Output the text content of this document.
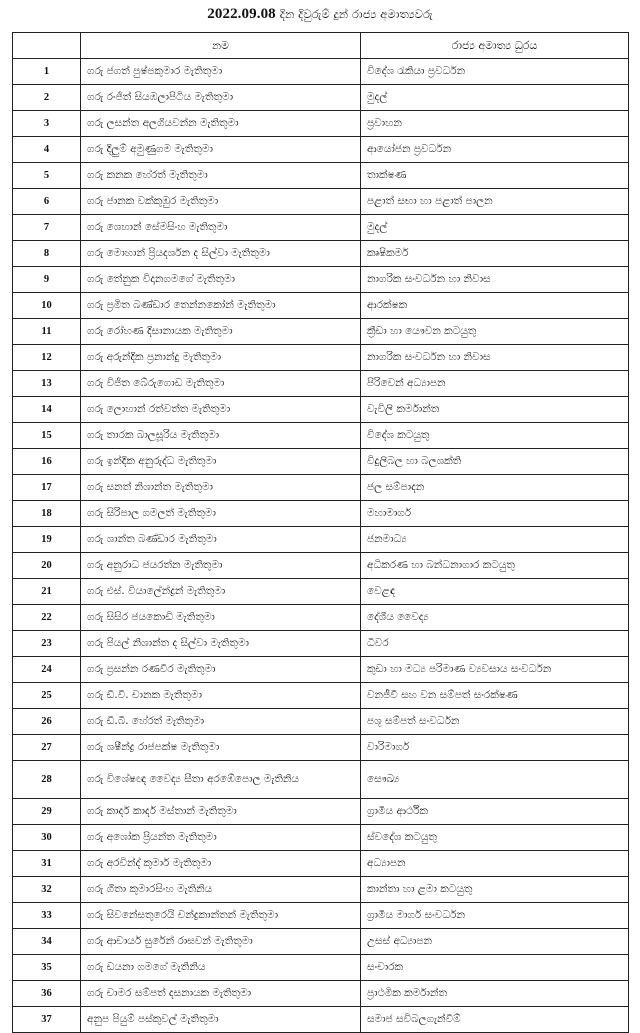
2022.09.08 දින දිවුරුම් දුන් රාජ්‍ය අමාත්‍යවරු
	නම	රාජ්‍ය අමාත්‍ය ධුරය
1	ගරු ජගත් පුෂ්පකුමාර මැතිතුමා	විදේශ රැකියා ප්‍රවර්ධන
2	ගරු රංජිත් සියඹලාපිටිය මැතිතුමා	මුදල්
3	ගරු ලසන්ත අලගියවන්න මැතිතුමා	ප්‍රවාහන
4	ගරු දිලුම් අමුණුගම මැතිතුමා	ආයෝජන ප්‍රවර්ධන
5	ගරු කනක හේරත් මැතිතුමා	තාක්ෂණ
6	ගරු ජානක වක්කුඹුර මැතිතුමා	පළාත් සභා හා පළාත් පාලන
7	ගරු ශෙහාන් සේමසිංහ මැතිතුමා	මුදල්
8	ගරු මොහාන් ප්‍රියදර්ශන ද සිල්වා මැතිතුමා	කෘෂිකර්ම
9	ගරු තේනුක විදානගමගේ මැතිතුමා	නාගරික සංවර්ධන හා නිවාස
10	ගරු ප්‍රමිත බණ්ඩාර තෙන්නකෝන් මැතිතුමා	ආරක්ෂක
11	ගරු රෝහණ දිසානායක මැතිතුමා	ක්‍රීඩා හා යෞවන කටයුතු
12	ගරු අරුන්දික ප්‍රනාන්දු මැතිතුමා	නාගරික සංවර්ධන හා නිවාස
13	ගරු විජිත බේරුගොඩ මැතිතුමා	පිරිවෙන් අධ්‍යාපන
14	ගරු ලොහාන් රත්වත්ත මැතිතුමා	වැවිලි කර්මාන්ත
15	ගරු තාරක බාලසූරිය මැතිතුමා	විදේශ කටයුතු
16	ගරු ඉන්දික අනුරුද්ධ මැතිතුමා	විදුලිබල හා බලශක්ති
17	ගරු සනත් නිශාන්ත මැතිතුමා	ජල සම්පාදන
18	ගරු සිරිපාල ගමලත් මැතිතුමා	මහාමාර්ග
19	ගරු ශාන්ත බණ්ඩාර මැතිතුමා	ජනමාධ්‍ය
20	ගරු අනුරාධ ජයරත්න මැතිතුමා	අධිකරණ හා බන්ධනාගාර කටයුතු
21	ගරු එස්. වියාලේන්ද්‍රන් මැතිතුමා	වෙළඳ
22	ගරු සිසිර ජයකොඩි මැතිතුමා	දේශීය වෛද්‍ය
23	ගරු පියල් නිශාන්ත ද සිල්වා මැතිතුමා	ධීවර
24	ගරු ප්‍රසන්න රණවීර මැතිතුමා	කුඩා හා මධ්‍ය පරිමාණ ව්‍යවසාය සංවර්ධන
25	ගරු ඩී.වී. චානක මැතිතුමා	වනජීවී සහ වන සම්පත් සංරක්ෂණ
26	ගරු ඩී.බී. හේරත් මැතිතුමා	පශු සම්පත් සංවර්ධන
27	ගරු ශෂීන්ද්‍ර රාජපක්ෂ මැතිතුමා	වාරිමාර්ග
28	ගරු විශේෂඥ වෛද්‍ය සීතා අරඹේපොල මැතිනිය	සෞඛ්‍ය
29	ගරු කාදර් කාදර් මස්තාන් මැතිතුමා	ග්‍රාමීය ආර්ථික
30	ගරු අශෝක ප්‍රියන්ත මැතිතුමා	ස්වදේශ කටයුතු
31	ගරු අරවින්ද් කුමාර් මැතිතුමා	අධ්‍යාපන
32	ගරු ගීතා කුමාරසිංහ මැතිනිය	කාන්තා හා ළමා කටයුතු
33	ගරු සිවනේසතුරෙයි චන්ද්‍රකාන්තන් මැතිතුමා	ග්‍රාමීය මාර්ග සංවර්ධන
34	ගරු ආචාර්ය සුරේන් රාඝවන් මැතිතුමා	උසස් අධ්‍යාපන
35	ගරු ඩයනා ගමගේ මැතිනිය	සංචාරක
36	ගරු චාමර සම්පත් දසනායක මැතිතුමා	ප්‍රාථමික කර්මාන්ත
37	අනුප පියුම් පස්කුවල් මැතිතුමා	සමාජ සවිබලගැන්වීම්
